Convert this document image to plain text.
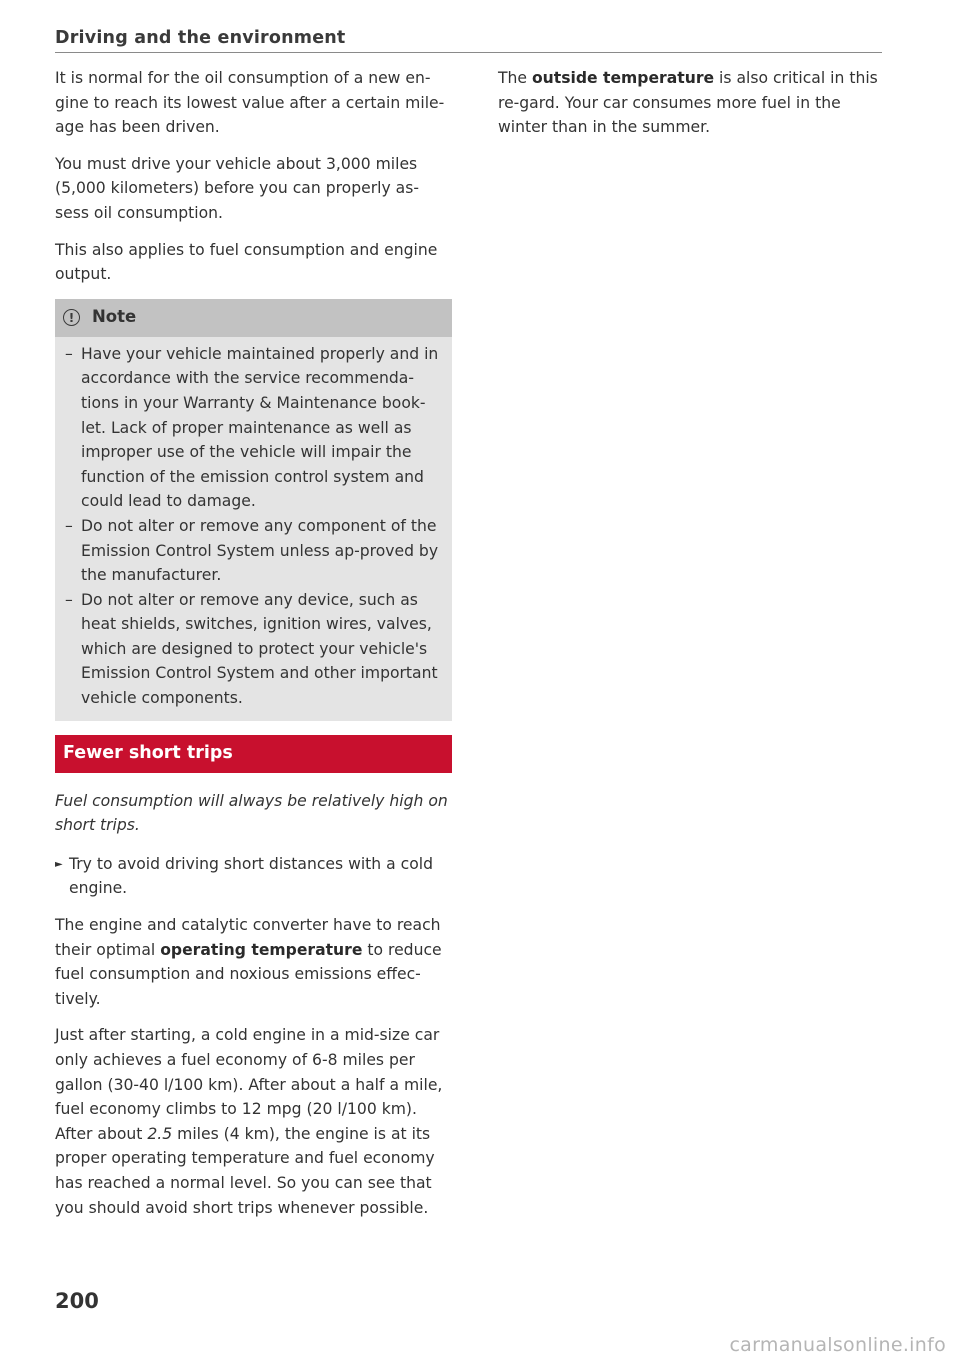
Driving and the environment

It is normal for the oil consumption of a new en-gine to reach its lowest value after a certain mile-age has been driven.

You must drive your vehicle about 3,000 miles (5,000 kilometers) before you can properly as-sess oil consumption.

This also applies to fuel consumption and engine output.

!	Note
– Have your vehicle maintained properly and in accordance with the service recommenda-tions in your Warranty & Maintenance book-let. Lack of proper maintenance as well as improper use of the vehicle will impair the function of the emission control system and could lead to damage.
– Do not alter or remove any component of the Emission Control System unless ap-proved by the manufacturer.
– Do not alter or remove any device, such as heat shields, switches, ignition wires, valves, which are designed to protect your vehicle's Emission Control System and other important vehicle components.
Fewer short trips

Fuel consumption will always be relatively high on short trips.

► Try to avoid driving short distances with a cold engine.

The engine and catalytic converter have to reach their optimal operating temperature to reduce fuel consumption and noxious emissions effec-tively.

Just after starting, a cold engine in a mid-size car only achieves a fuel economy of 6-8 miles per gallon (30-40 l/100 km). After about a half a mile, fuel economy climbs to 12 mpg (20 l/100 km). After about 2.5 miles (4 km), the engine is at its proper operating temperature and fuel economy has reached a normal level. So you can see that you should avoid short trips whenever possible.

The outside temperature is also critical in this re-gard. Your car consumes more fuel in the winter than in the summer.

200
carmanualsonline.info
